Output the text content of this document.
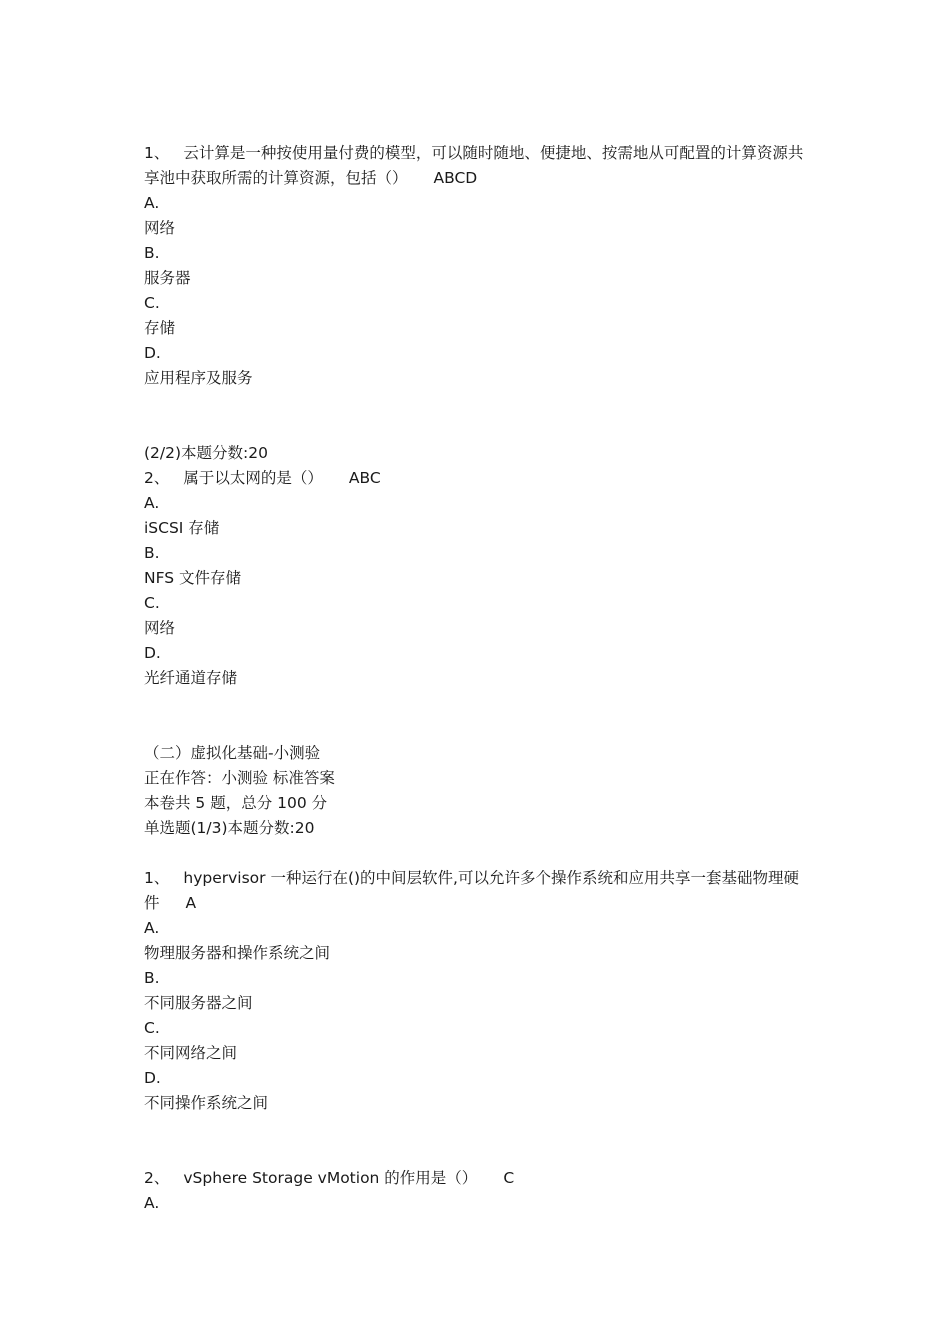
1、 云计算是一种按使用量付费的模型，可以随时随地、便捷地、按需地从可配置的计算资源共享池中获取所需的计算资源，包括（） ABCD
A.
网络
B.
服务器
C.
存储
D.
应用程序及服务
(2/2)本题分数:20
2、 属于以太网的是（） ABC
A.
iSCSI 存储
B.
NFS 文件存储
C.
网络
D.
光纤通道存储
（二）虚拟化基础-小测验
正在作答：小测验 标准答案
本卷共 5 题，总分 100 分
单选题(1/3)本题分数:20
1、 hypervisor 一种运行在()的中间层软件,可以允许多个操作系统和应用共享一套基础物理硬件 A
A.
物理服务器和操作系统之间
B.
不同服务器之间
C.
不同网络之间
D.
不同操作系统之间
2、 vSphere Storage vMotion 的作用是（） C
A.
